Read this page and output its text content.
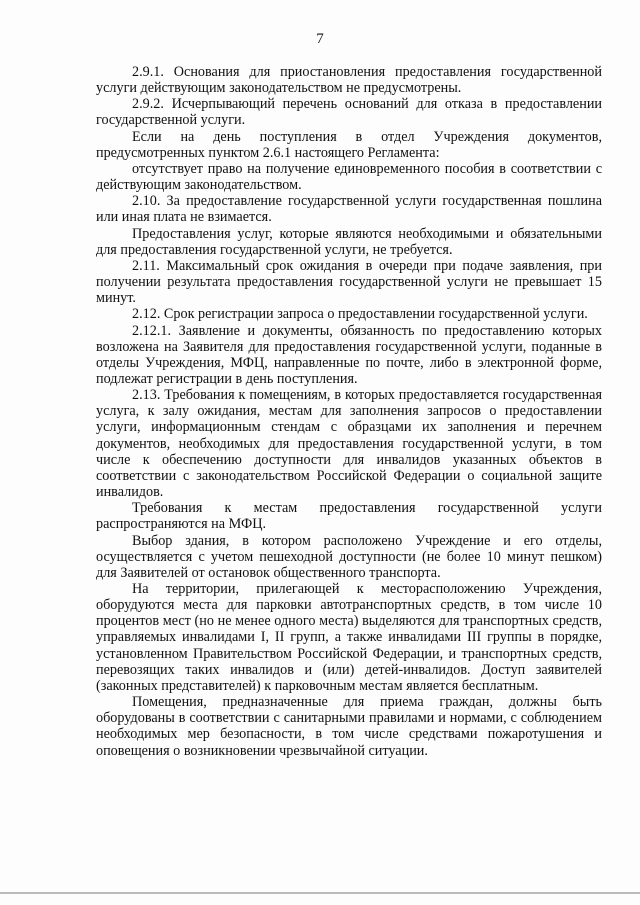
7

2.9.1. Основания для приостановления предоставления государственной услуги действующим законодательством не предусмотрены.

2.9.2. Исчерпывающий перечень оснований для отказа в предоставлении государственной услуги.

Если на день поступления в отдел Учреждения документов, предусмотренных пунктом 2.6.1 настоящего Регламента:

отсутствует право на получение единовременного пособия в соответствии с действующим законодательством.

2.10. За предоставление государственной услуги государственная пошлина или иная плата не взимается.

Предоставления услуг, которые являются необходимыми и обязательными для предоставления государственной услуги, не требуется.

2.11. Максимальный срок ожидания в очереди при подаче заявления, при получении результата предоставления государственной услуги не превышает 15 минут.

2.12. Срок регистрации запроса о предоставлении государственной услуги.

2.12.1. Заявление и документы, обязанность по предоставлению которых возложена на Заявителя для предоставления государственной услуги, поданные в отделы Учреждения, МФЦ, направленные по почте, либо в электронной форме, подлежат регистрации в день поступления.

2.13. Требования к помещениям, в которых предоставляется государственная услуга, к залу ожидания, местам для заполнения запросов о предоставлении услуги, информационным стендам с образцами их заполнения и перечнем документов, необходимых для предоставления государственной услуги, в том числе к обеспечению доступности для инвалидов указанных объектов в соответствии с законодательством Российской Федерации о социальной защите инвалидов.

Требования к местам предоставления государственной услуги распространяются на МФЦ.

Выбор здания, в котором расположено Учреждение и его отделы, осуществляется с учетом пешеходной доступности (не более 10 минут пешком) для Заявителей от остановок общественного транспорта.

На территории, прилегающей к месторасположению Учреждения, оборудуются места для парковки автотранспортных средств, в том числе 10 процентов мест (но не менее одного места) выделяются для транспортных средств, управляемых инвалидами I, II групп, а также инвалидами III группы в порядке, установленном Правительством Российской Федерации, и транспортных средств, перевозящих таких инвалидов и (или) детей-инвалидов. Доступ заявителей (законных представителей) к парковочным местам является бесплатным.

Помещения, предназначенные для приема граждан, должны быть оборудованы в соответствии с санитарными правилами и нормами, с соблюдением необходимых мер безопасности, в том числе средствами пожаротушения и оповещения о возникновении чрезвычайной ситуации.
